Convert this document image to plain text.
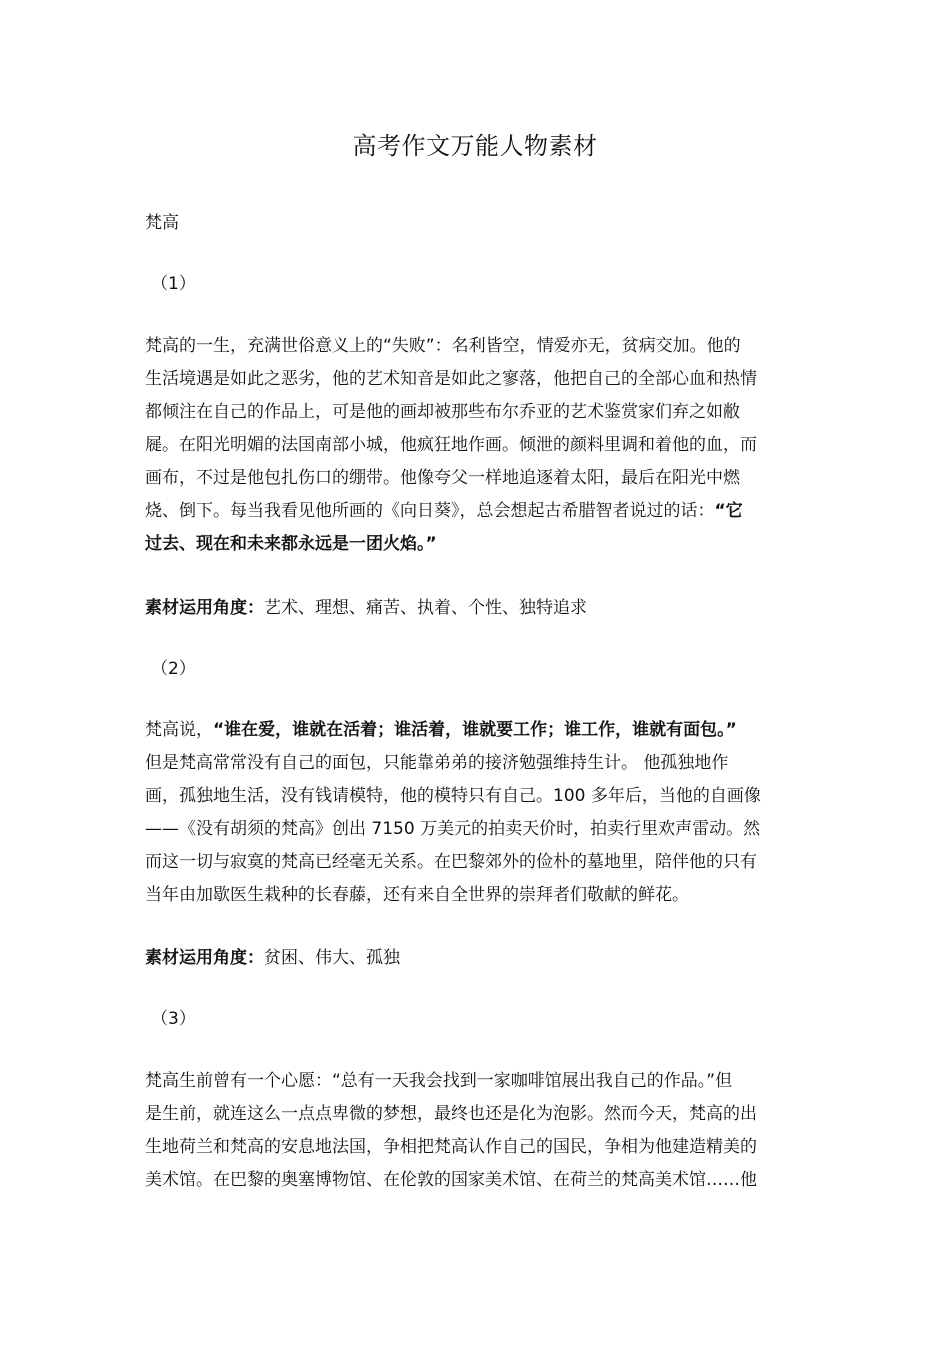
高考作文万能人物素材

梵高

（1）

梵高的一生，充满世俗意义上的“失败”：名利皆空，情爱亦无，贫病交加。他的
生活境遇是如此之恶劣，他的艺术知音是如此之寥落，他把自己的全部心血和热情
都倾注在自己的作品上，可是他的画却被那些布尔乔亚的艺术鉴赏家们弃之如敝
屣。在阳光明媚的法国南部小城，他疯狂地作画。倾泄的颜料里调和着他的血，而
画布，不过是他包扎伤口的绷带。他像夸父一样地追逐着太阳，最后在阳光中燃
烧、倒下。每当我看见他所画的《向日葵》，总会想起古希腊智者说过的话：“它
过去、现在和未来都永远是一团火焰。”

素材运用角度：艺术、理想、痛苦、执着、个性、独特追求

（2）

梵高说，“谁在爱，谁就在活着；谁活着，谁就要工作；谁工作，谁就有面包。”
但是梵高常常没有自己的面包，只能靠弟弟的接济勉强维持生计。 他孤独地作
画，孤独地生活，没有钱请模特，他的模特只有自己。100 多年后，当他的自画像
——《没有胡须的梵高》创出 7150 万美元的拍卖天价时，拍卖行里欢声雷动。然
而这一切与寂寞的梵高已经毫无关系。在巴黎郊外的俭朴的墓地里，陪伴他的只有
当年由加歇医生栽种的长春藤，还有来自全世界的崇拜者们敬献的鲜花。

素材运用角度：贫困、伟大、孤独

（3）

梵高生前曾有一个心愿：“总有一天我会找到一家咖啡馆展出我自己的作品。”但
是生前，就连这么一点点卑微的梦想，最终也还是化为泡影。然而今天，梵高的出
生地荷兰和梵高的安息地法国，争相把梵高认作自己的国民，争相为他建造精美的
美术馆。在巴黎的奥塞博物馆、在伦敦的国家美术馆、在荷兰的梵高美术馆……他
